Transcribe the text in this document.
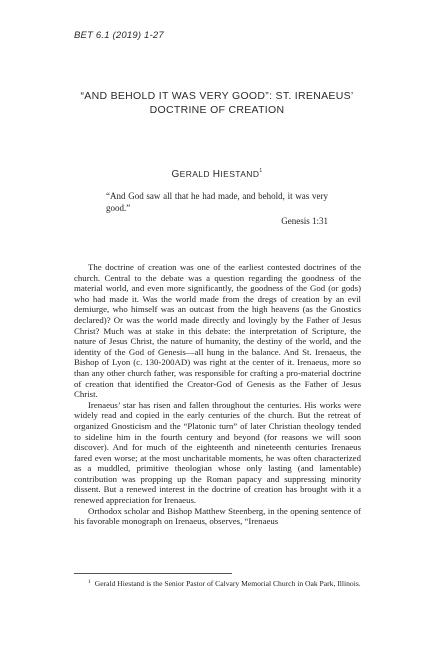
BET 6.1 (2019) 1-27
“AND BEHOLD IT WAS VERY GOOD”: ST. IRENAEUS’
DOCTRINE OF CREATION
GERALD HIESTAND$^1$
“And God saw all that he had made, and behold, it was very good.”
Genesis 1:31

The doctrine of creation was one of the earliest contested doctrines of the church. Central to the debate was a question regarding the goodness of the material world, and even more significantly, the goodness of the God (or gods) who had made it. Was the world made from the dregs of creation by an evil demiurge, who himself was an outcast from the high heavens (as the Gnostics declared)? Or was the world made directly and lovingly by the Father of Jesus Christ? Much was at stake in this debate: the interpretation of Scripture, the nature of Jesus Christ, the nature of humanity, the destiny of the world, and the identity of the God of Genesis—all hung in the balance. And St. Irenaeus, the Bishop of Lyon (c. 130-200AD) was right at the center of it. Irenaeus, more so than any other church father, was responsible for crafting a pro-material doctrine of creation that identified the Creator-God of Genesis as the Father of Jesus Christ.

Irenaeus’ star has risen and fallen throughout the centuries. His works were widely read and copied in the early centuries of the church. But the retreat of organized Gnosticism and the “Platonic turn” of later Christian theology tended to sideline him in the fourth century and beyond (for reasons we will soon discover). And for much of the eighteenth and nineteenth centuries Irenaeus fared even worse; at the most uncharitable moments, he was often characterized as a muddled, primitive theologian whose only lasting (and lamentable) contribution was propping up the Roman papacy and suppressing minority dissent. But a renewed interest in the doctrine of creation has brought with it a renewed appreciation for Irenaeus.

Orthodox scholar and Bishop Matthew Steenberg, in the opening sentence of his favorable monograph on Irenaeus, observes, “Irenaeus

$^1$ Gerald Hiestand is the Senior Pastor of Calvary Memorial Church in Oak Park, Illinois.
